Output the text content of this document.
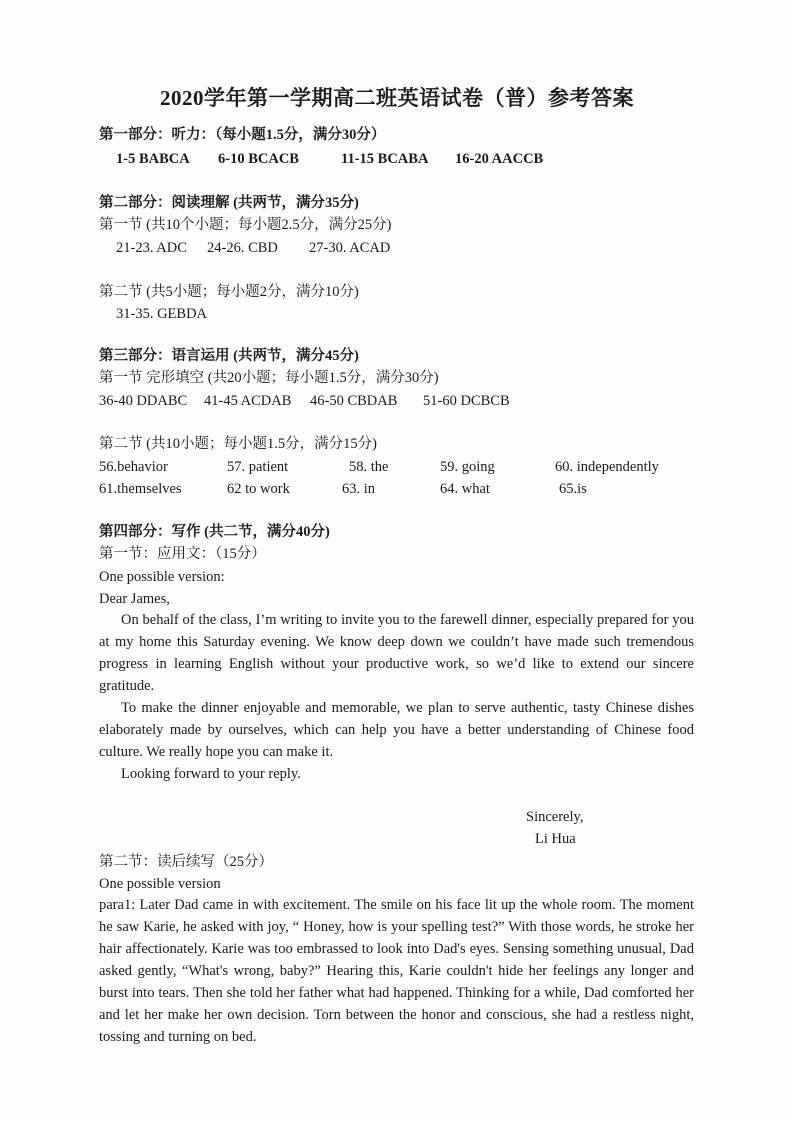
2020学年第一学期高二班英语试卷（普）参考答案
第一部分：听力：（每小题1.5分，满分30分）
1-5 BABCA 6-10 BCACB	11-15 BCABA 16-20 AACCB
第二部分：阅读理解 (共两节，满分35分)
第一节 (共10个小题；每小题2.5分，满分25分)
21-23. ADC 24-26. CBD 27-30. ACAD
第二节 (共5小题；每小题2分，满分10分)
31-35. GEBDA
第三部分：语言运用 (共两节，满分45分)
第一节 完形填空 (共20小题；每小题1.5分，满分30分)
36-40 DDABC 41-45 ACDAB 46-50 CBDAB 51-60 DCBCB
第二节 (共10小题；每小题1.5分，满分15分)
56.behavior	57. patient	58. the	59. going	60. independently
61.themselves	62 to work	63. in	64. what	65.is
第四部分：写作 (共二节，满分40分)
第一节：应用文：（15分）
One possible version:
Dear James,
On behalf of the class, I’m writing to invite you to the farewell dinner, especially prepared for you at my home this Saturday evening. We know deep down we couldn’t have made such tremendous progress in learning English without your productive work, so we’d like to extend our sincere gratitude.
To make the dinner enjoyable and memorable, we plan to serve authentic, tasty Chinese dishes elaborately made by ourselves, which can help you have a better understanding of Chinese food culture. We really hope you can make it.
Looking forward to your reply.
Sincerely,
Li Hua
第二节：读后续写（25分）
One possible version
para1: Later Dad came in with excitement. The smile on his face lit up the whole room. The moment he saw Karie, he asked with joy, “ Honey, how is your spelling test?” With those words, he stroke her hair affectionately. Karie was too embrassed to look into Dad's eyes. Sensing something unusual, Dad asked gently, “What's wrong, baby?” Hearing this, Karie couldn't hide her feelings any longer and burst into tears. Then she told her father what had happened. Thinking for a while, Dad comforted her and let her make her own decision. Torn between the honor and conscious, she had a restless night, tossing and turning on bed.
